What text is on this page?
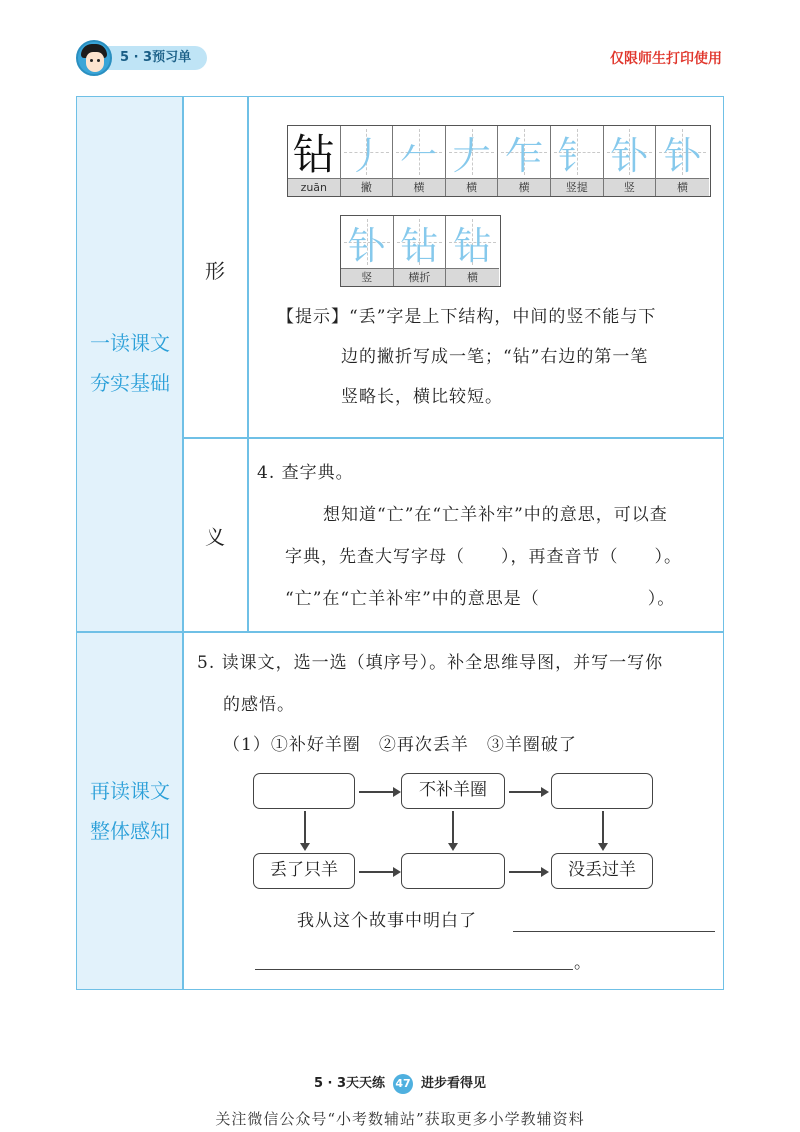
5 · 3预习单	仅限师生打印使用
一读课文
夯实基础
形
义
钻
zuān
丿
撇
𠂉
横
𠂇
横
乍
横
钅
竖提
钋
竖
钋
横
钋
竖
钻
横折
钻
横
【提示】“丢”字是上下结构，中间的竖不能与下
边的撇折写成一笔；“钻”右边的第一笔
竖略长，横比较短。
4. 查字典。
想知道“亡”在“亡羊补牢”中的意思，可以查
字典，先查大写字母（　　），再查音节（　　）。
“亡”在“亡羊补牢”中的意思是（　　　　　　）。
再读课文
整体感知
5. 读课文，选一选（填序号）。补全思维导图，并写一写你
的感悟。
（1）①补好羊圈　②再次丢羊　③羊圈破了
不补羊圈
丢了只羊	没丢过羊
我从这个故事中明白了
。
5 · 3天天练 47 进步看得见
关注微信公众号“小考数辅站”获取更多小学教辅资料
